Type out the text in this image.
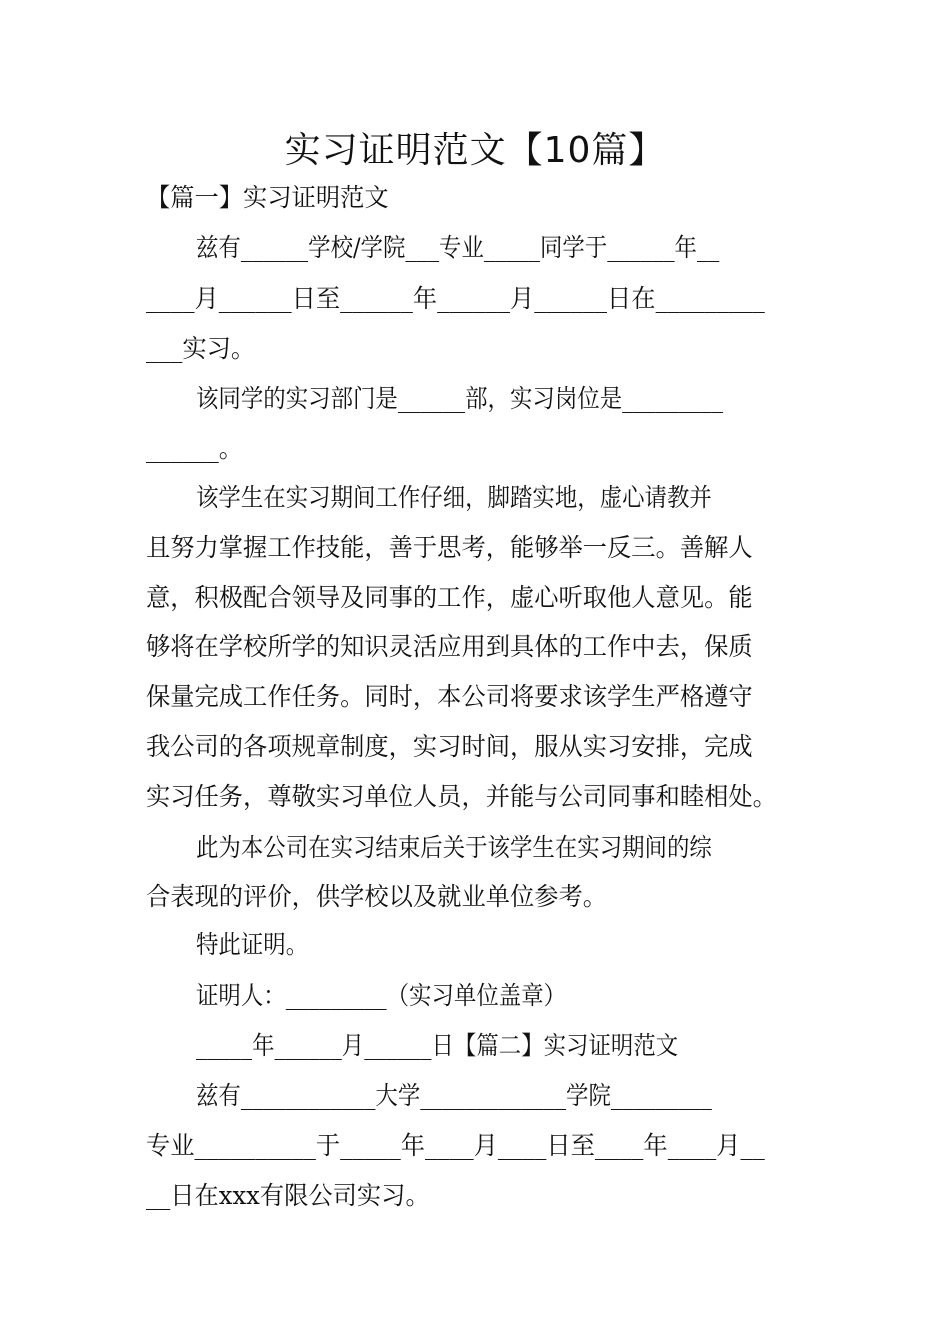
实习证明范文【10篇】
【篇一】实习证明范文
兹有______学校/学院___专业_____同学于______年__
____月______日至______年______月______日在_________
___实习。
该同学的实习部门是______部，实习岗位是_________
______。
该学生在实习期间工作仔细，脚踏实地，虚心请教并
且努力掌握工作技能，善于思考，能够举一反三。善解人
意，积极配合领导及同事的工作，虚心听取他人意见。能
够将在学校所学的知识灵活应用到具体的工作中去，保质
保量完成工作任务。同时，本公司将要求该学生严格遵守
我公司的各项规章制度，实习时间，服从实习安排，完成
实习任务，尊敬实习单位人员，并能与公司同事和睦相处。
此为本公司在实习结束后关于该学生在实习期间的综
合表现的评价，供学校以及就业单位参考。
特此证明。
证明人：_________（实习单位盖章）
_____年______月______日【篇二】实习证明范文
兹有____________大学_____________学院_________
专业__________于_____年____月____日至____年____月__
__日在xxx有限公司实习。
